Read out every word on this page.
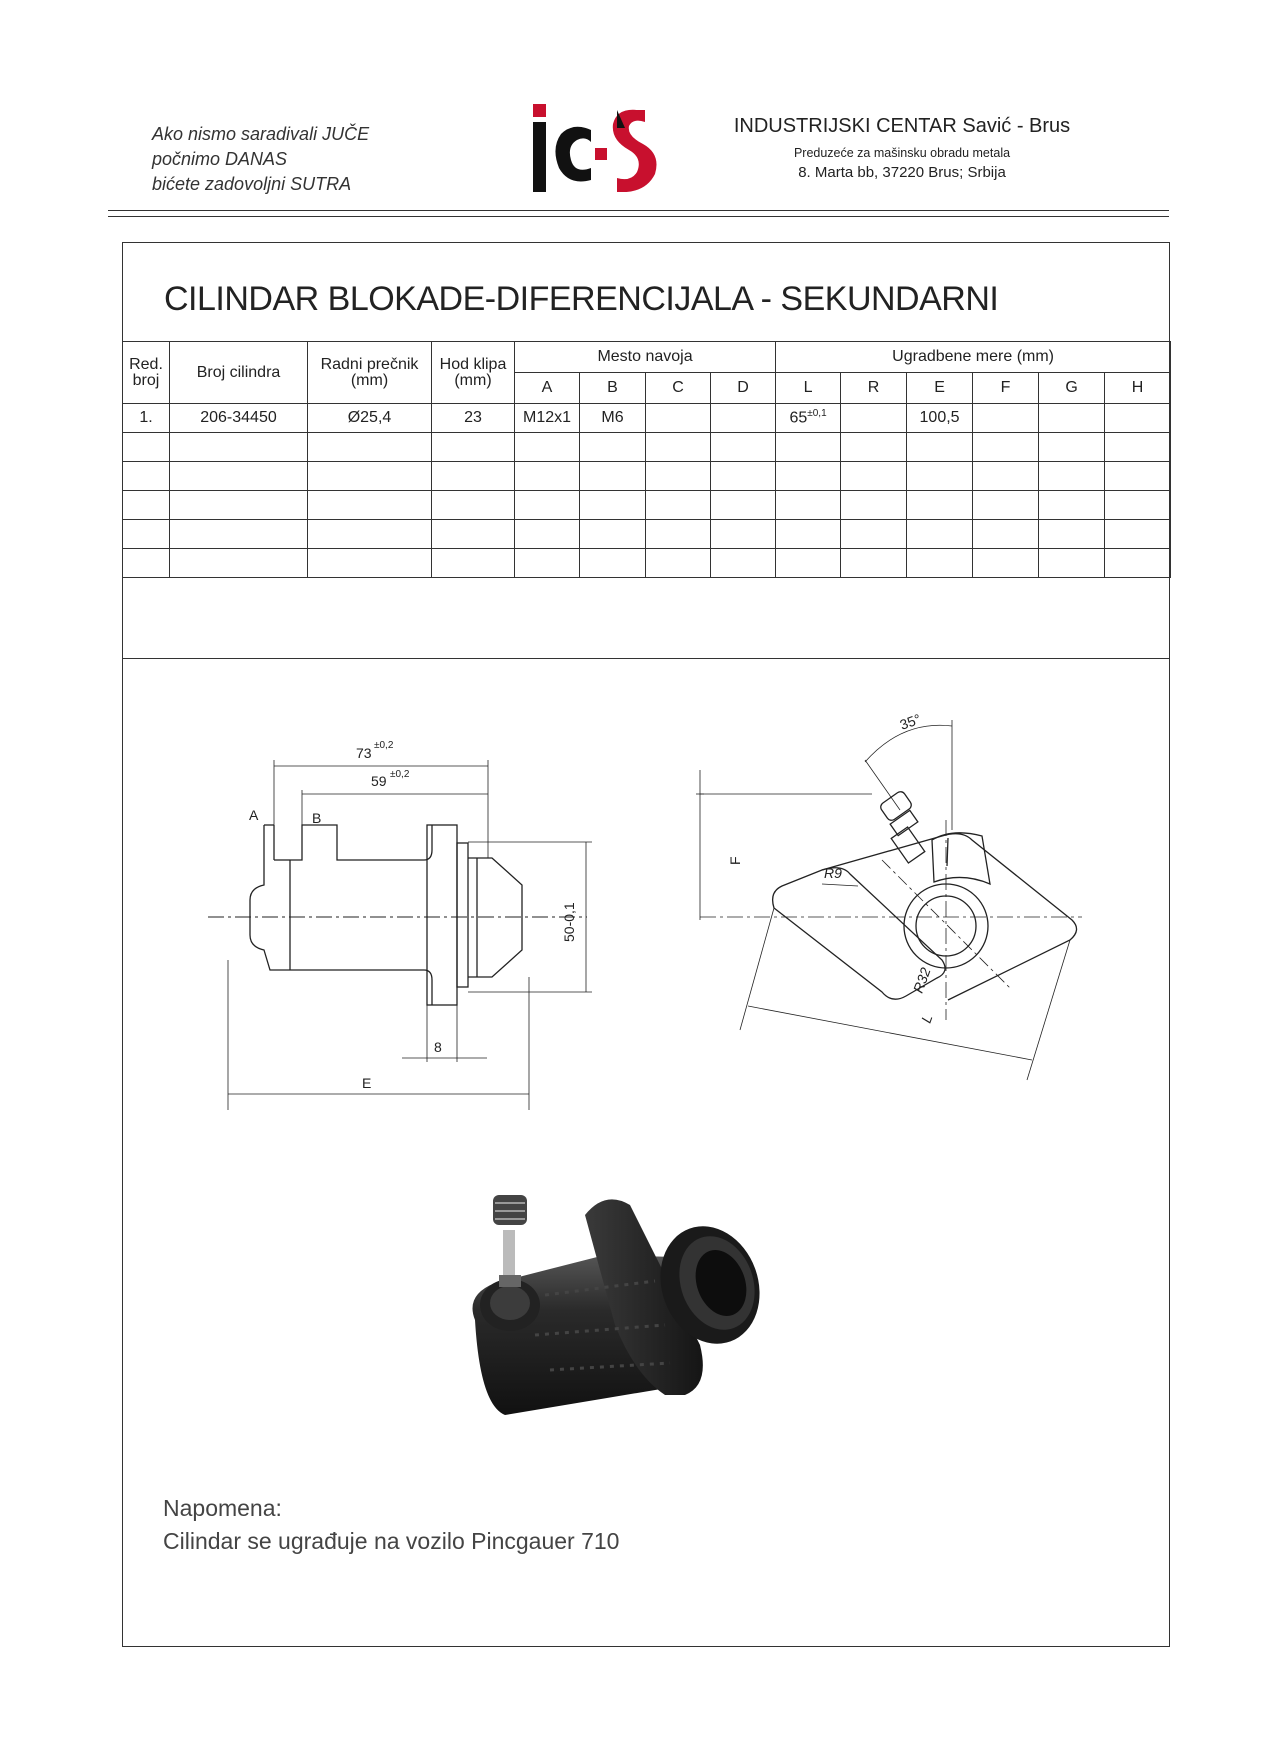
Ako nismo saradivali JUČE
počnimo DANAS
bićete zadovoljni SUTRA
INDUSTRIJSKI CENTAR Savić - Brus
Preduzeće za mašinsku obradu metala
8. Marta bb, 37220 Brus; Srbija
CILINDAR BLOKADE-DIFERENCIJALA - SEKUNDARNI
Red. broj	Broj cilindra	Radni prečnik (mm)	Hod klipa (mm)	Mesto navoja				Ugradbene mere (mm)					
				A	B	C	D	L	R	E	F	G	H
1.	206-34450	Ø25,4	23	M12x1	M6			$65^{\pm 0,1}$		100,5			

73 ±0,2
59 ±0,2
A	B
50-0,1
8
E
F
35°
R9
R32
L
Napomena:
Cilindar se ugrađuje na vozilo Pincgauer 710
